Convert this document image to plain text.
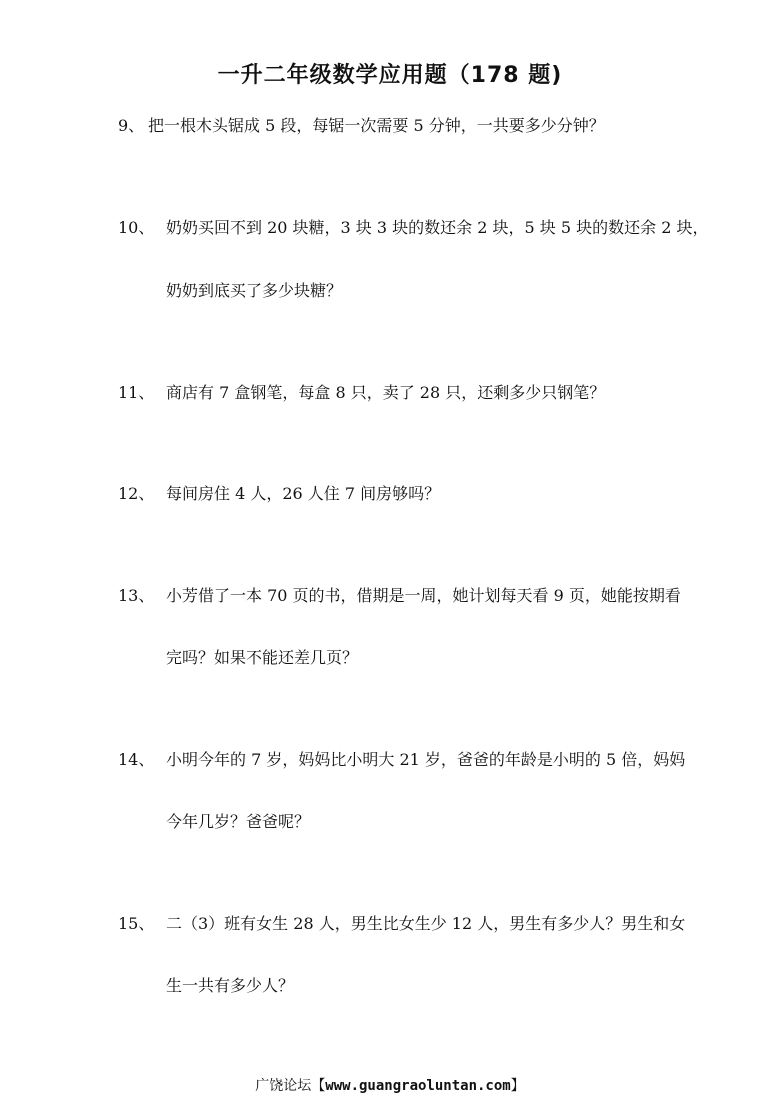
一升二年级数学应用题（178 题)
9、 把一根木头锯成 5 段，每锯一次需要 5 分钟，一共要多少分钟？
10、 奶奶买回不到 20 块糖，3 块 3 块的数还余 2 块，5 块 5 块的数还余 2 块，
奶奶到底买了多少块糖？
11、 商店有 7 盒钢笔，每盒 8 只，卖了 28 只，还剩多少只钢笔？
12、 每间房住 4 人，26 人住 7 间房够吗？
13、 小芳借了一本 70 页的书，借期是一周，她计划每天看 9 页，她能按期看
完吗？如果不能还差几页？
14、 小明今年的 7 岁，妈妈比小明大 21 岁，爸爸的年龄是小明的 5 倍，妈妈
今年几岁？爸爸呢？
15、 二（3）班有女生 28 人，男生比女生少 12 人，男生有多少人？男生和女
生一共有多少人？
广饶论坛【www.guangraoluntan.com】
